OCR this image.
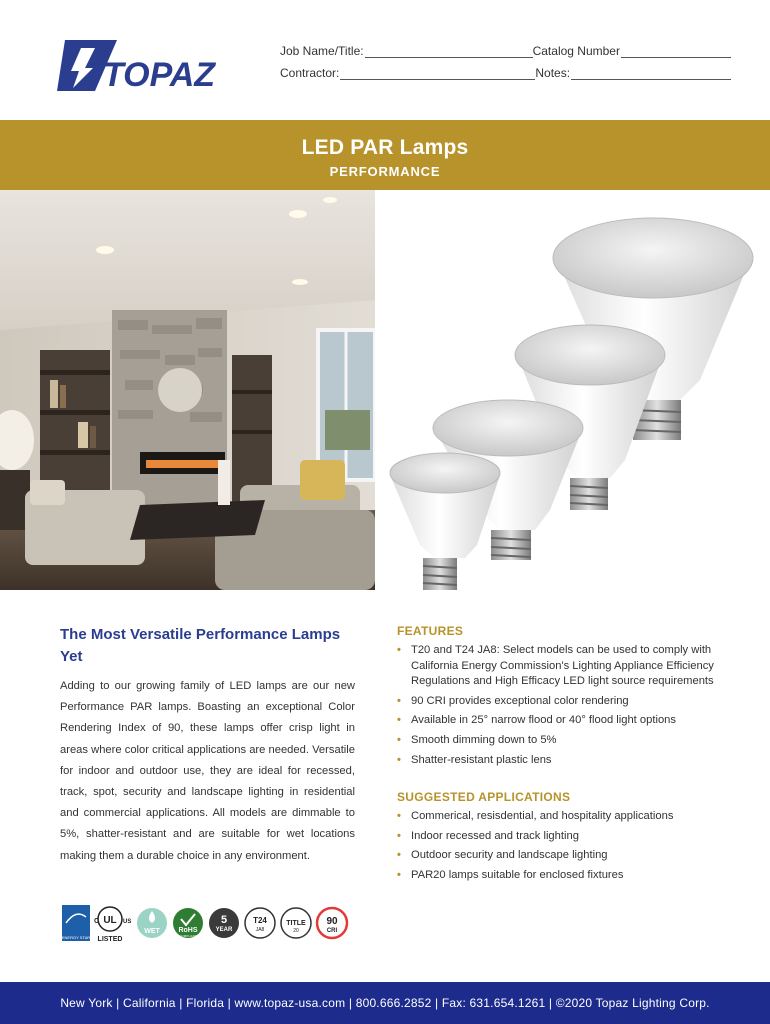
TOPAZ
Job Name/Title:	Catalog Number
Contractor:	Notes:
LED PAR Lamps
PERFORMANCE
The Most Versatile Performance Lamps Yet

Adding to our growing family of LED lamps are our new Performance PAR lamps. Boasting an exceptional Color Rendering Index of 90, these lamps offer crisp light in areas where color critical applications are needed. Versatile for indoor and outdoor use, they are ideal for recessed, track, spot, security and landscape lighting in residential and commercial applications. All models are dimmable to 5%, shatter-resistant and are suitable for wet locations making them a durable choice in any environment.

FEATURES
• T20 and T24 JA8: Select models can be used to comply with California Energy Commission's Lighting Appliance Efficiency Regulations and High Efficacy LED light source requirements
• 90 CRI provides exceptional color rendering
• Available in 25° narrow flood or 40° flood light options
• Smooth dimming down to 5%
• Shatter-resistant plastic lens
SUGGESTED APPLICATIONS
• Commerical, resisdential, and hospitality applications
• Indoor recessed and track lighting
• Outdoor security and landscape lighting
• PAR20 lamps suitable for enclosed fixtures
ENERGY STAR
UL
C	US
LISTED
WET	RoHS
COMPLIANT
5
YEAR
T24
JA8
TITLE
20
90
CRI
New York | California | Florida | www.topaz-usa.com | 800.666.2852 | Fax: 631.654.1261 | ©2020 Topaz Lighting Corp.
